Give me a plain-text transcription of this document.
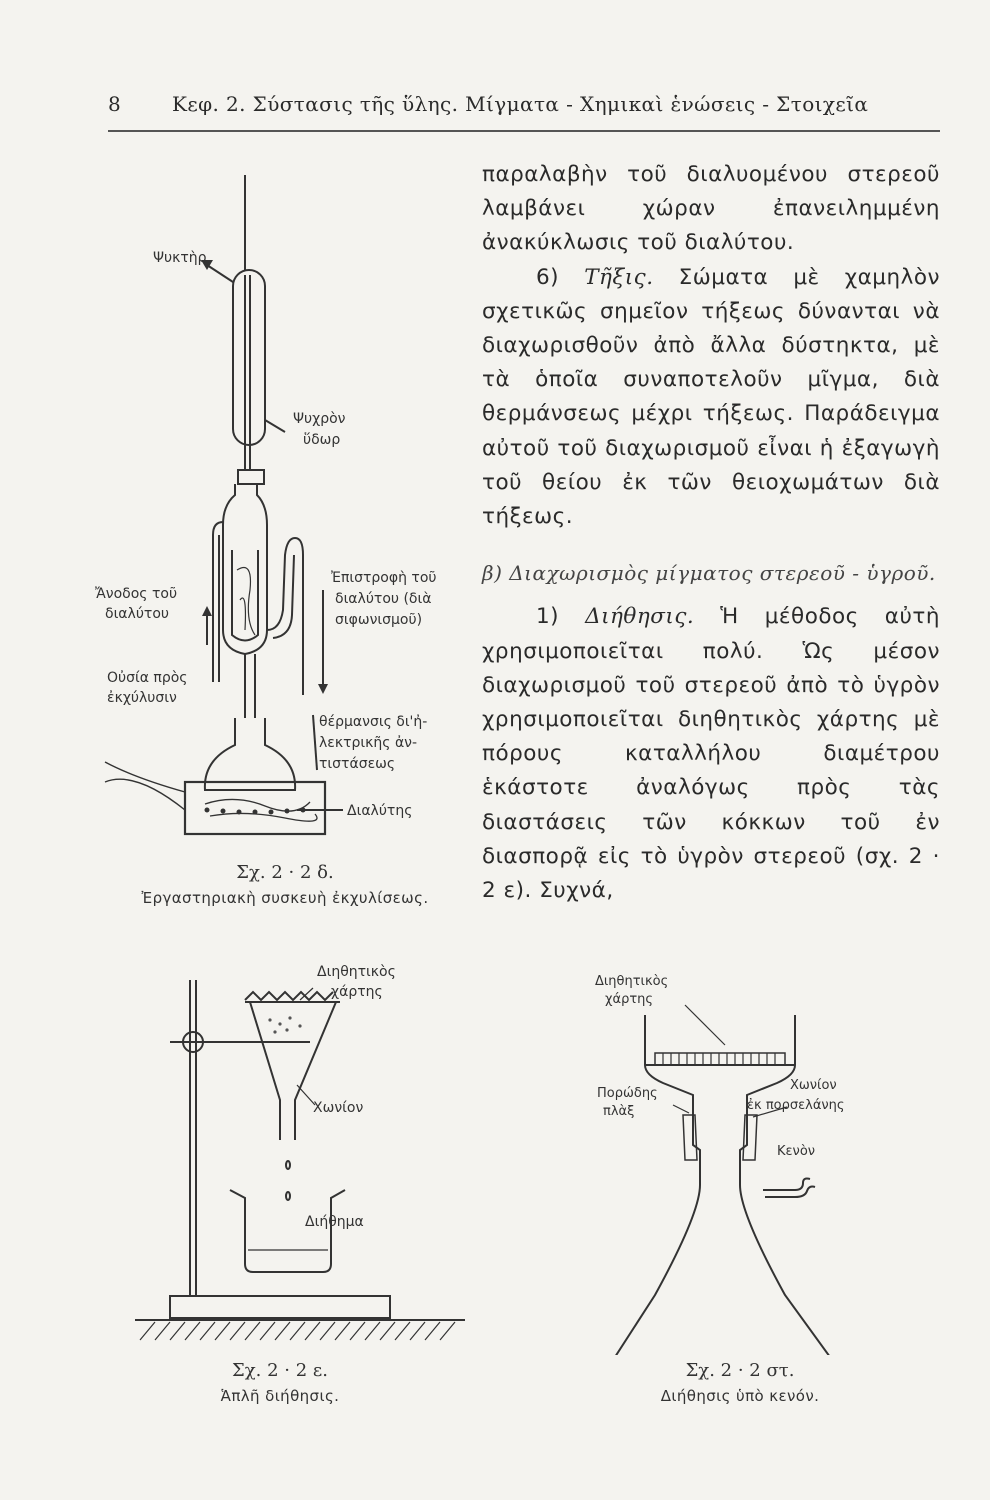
8	Κεφ. 2. Σύστασις τῆς ὕλης. Μίγματα - Χημικαὶ ἑνώσεις - Στοιχεῖα

παραλαβὴν τοῦ διαλυομένου στερεοῦ λαμβάνει χώραν ἐπανειλημμένη ἀνακύκλωσις τοῦ διαλύτου.

6) Τῆξις. Σώματα μὲ χαμηλὸν σχετικῶς σημεῖον τήξεως δύνανται νὰ διαχωρισθοῦν ἀπὸ ἄλλα δύστηκτα, μὲ τὰ ὁποῖα συναποτελοῦν μῖγμα, διὰ θερμάνσεως μέχρι τήξεως. Παράδειγμα αὐτοῦ τοῦ διαχωρισμοῦ εἶναι ἡ ἐξαγωγὴ τοῦ θείου ἐκ τῶν θειοχωμάτων διὰ τήξεως.

β) Διαχωρισμὸς μίγματος στερεοῦ - ὑγροῦ.

1) Διήθησις. Ἡ μέθοδος αὐτὴ χρησιμοποιεῖται πολύ. Ὡς μέσον διαχωρισμοῦ τοῦ στερεοῦ ἀπὸ τὸ ὑγρὸν χρησιμοποιεῖται διηθητικὸς χάρτης μὲ πόρους καταλλήλου διαμέτρου ἑκάστοτε ἀναλόγως πρὸς τὰς διαστάσεις τῶν κόκκων τοῦ ἐν διασπορᾷ εἰς τὸ ὑγρὸν στερεοῦ (σχ. 2 · 2 ε). Συχνά,

Ψυκτὴρ
Ψυχρὸν
ὕδωρ
Ἄνοδος τοῦ
διαλύτου
Ἐπιστροφὴ τοῦ
διαλύτου (διὰ
σιφωνισμοῦ)
Οὐσία πρὸς
ἐκχύλυσιν
θέρμανσις δι'ἠ-
λεκτρικῆς ἀν-
τιστάσεως
Διαλύτης
Σχ. 2 · 2 δ.
Ἐργαστηριακὴ συσκευὴ ἐκχυλίσεως.
Διηθητικὸς
χάρτης
Χωνίον
Διήθημα
Σχ. 2 · 2 ε.
Ἁπλῆ διήθησις.
Διηθητικὸς
χάρτης
Πορώδης
πλὰξ
Χωνίον
ἐκ πορσελάνης
Κενὸν
Σχ. 2 · 2 στ.
Διήθησις ὑπὸ κενόν.
